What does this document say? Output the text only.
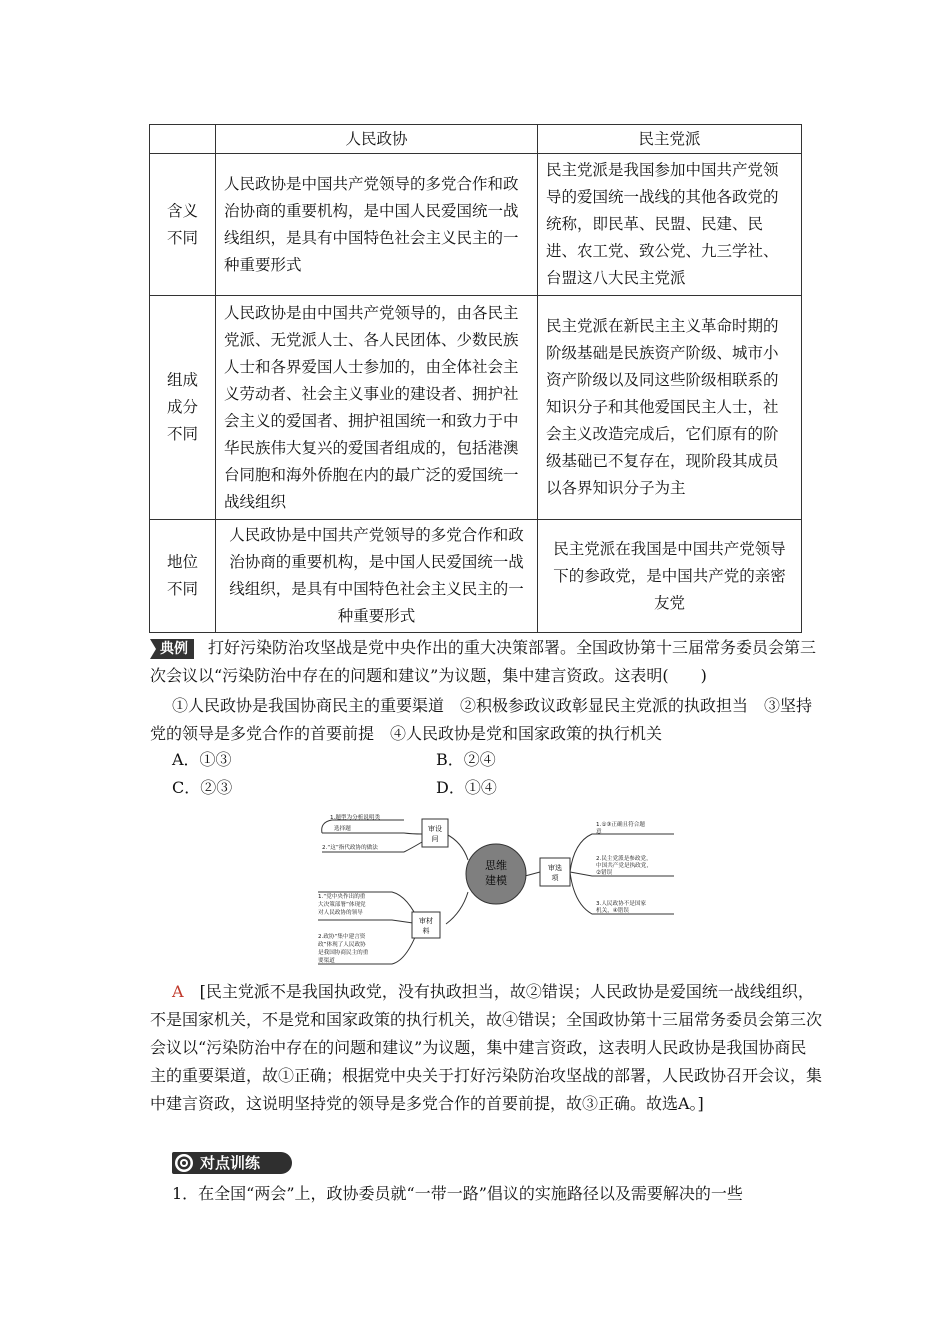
	人民政协	民主党派

含义
不同	人民政协是中国共产党领导的多党合作和政治协商的重要机构，是中国人民爱国统一战线组织，是具有中国特色社会主义民主的一种重要形式	民主党派是我国参加中国共产党领导的爱国统一战线的其他各政党的统称，即民革、民盟、民建、民进、农工党、致公党、九三学社、台盟这八大民主党派

组成
成分
不同	人民政协是由中国共产党领导的，由各民主党派、无党派人士、各人民团体、少数民族人士和各界爱国人士参加的，由全体社会主义劳动者、社会主义事业的建设者、拥护社会主义的爱国者、拥护祖国统一和致力于中华民族伟大复兴的爱国者组成的，包括港澳台同胞和海外侨胞在内的最广泛的爱国统一战线组织	民主党派在新民主主义革命时期的阶级基础是民族资产阶级、城市小资产阶级以及同这些阶级相联系的知识分子和其他爱国民主人士，社会主义改造完成后，它们原有的阶级基础已不复存在，现阶段其成员以各界知识分子为主

地位
不同	人民政协是中国共产党领导的多党合作和政治协商的重要机构，是中国人民爱国统一战线组织，是具有中国特色社会主义民主的一种重要形式	民主党派在我国是中国共产党领导下的参政党，是中国共产党的亲密友党
典例 打好污染防治攻坚战是党中央作出的重大决策部署。全国政协第十三届常务委员会第三次会议以“污染防治中存在的问题和建议”为议题，集中建言资政。这表明(　　)
①人民政协是我国协商民主的重要渠道　②积极参政议政彰显民主党派的执政担当　③坚持党的领导是多党合作的首要前提　④人民政协是党和国家政策的执行机关
A．①③	B．②④
C．②③	D．①④
思维
建模
审设
问
审材
料
审选
项
1.题型为分析说明类
选择题
2.“这”指代政协的做法
1.“党中央作出的重
大决策部署”体现党
对人民政协的领导
2.政协“集中建言资
政”体现了人民政协
是我国协商民主的重
要渠道
1.①③正确且符合题
意
2.民主党派是参政党，
中国共产党是执政党，
②错误
3.人民政协不是国家
机关，④错误
A　 [民主党派不是我国执政党，没有执政担当，故②错误；人民政协是爱国统一战线组织，不是国家机关，不是党和国家政策的执行机关，故④错误；全国政协第十三届常务委员会第三次会议以“污染防治中存在的问题和建议”为议题，集中建言资政，这表明人民政协是我国协商民主的重要渠道，故①正确；根据党中央关于打好污染防治攻坚战的部署，人民政协召开会议，集中建言资政，这说明坚持党的领导是多党合作的首要前提，故③正确。故选A。]
对点训练
1．在全国“两会”上，政协委员就“一带一路”倡议的实施路径以及需要解决的一些
